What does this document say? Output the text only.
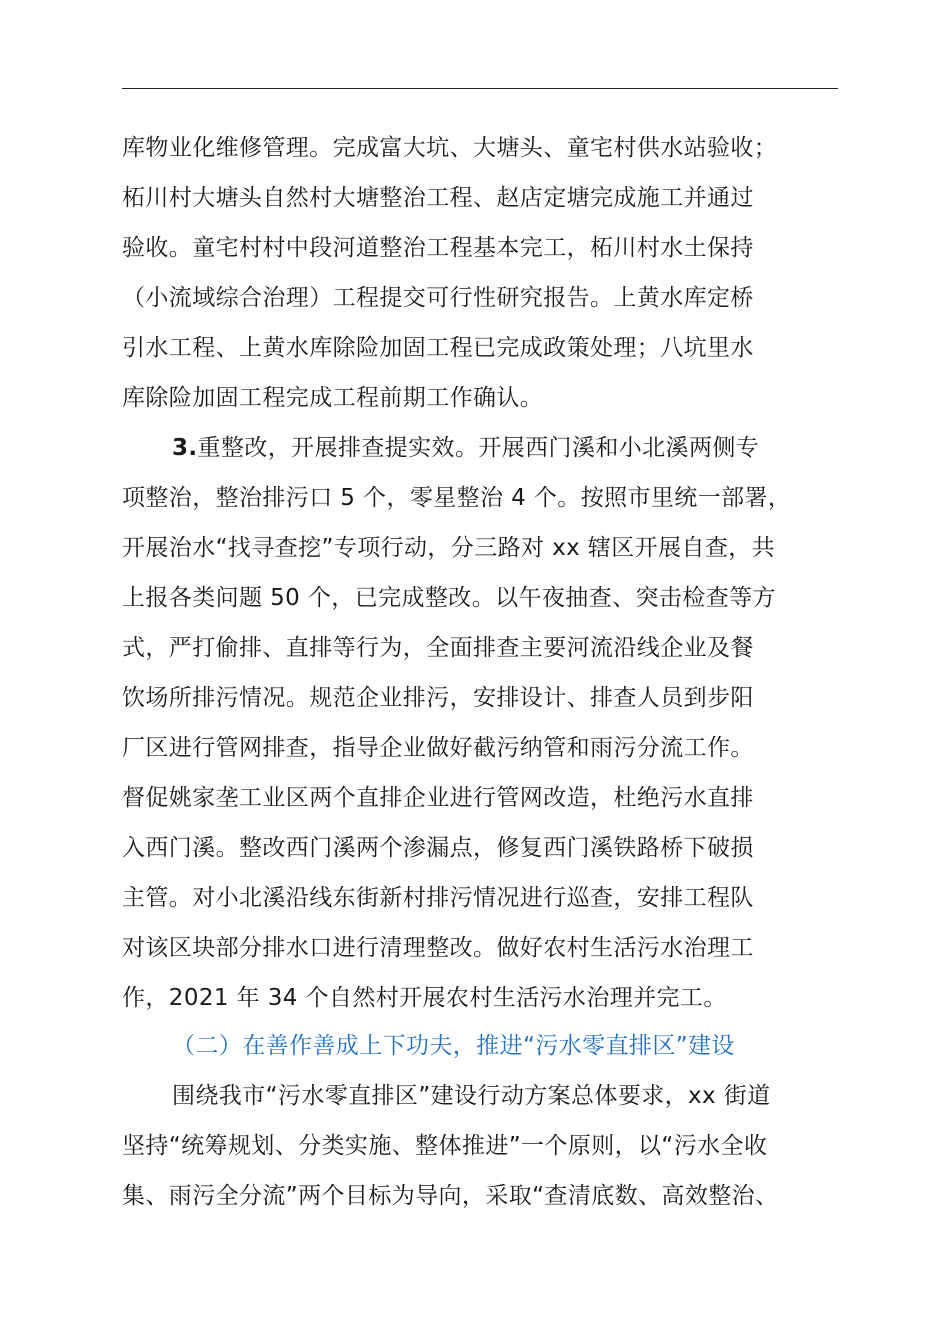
库物业化维修管理。完成富大坑、大塘头、童宅村供水站验收；
柘川村大塘头自然村大塘整治工程、赵店定塘完成施工并通过
验收。童宅村村中段河道整治工程基本完工，柘川村水土保持
（小流域综合治理）工程提交可行性研究报告。上黄水库定桥
引水工程、上黄水库除险加固工程已完成政策处理；八坑里水
库除险加固工程完成工程前期工作确认。
3.重整改，开展排查提实效。开展西门溪和小北溪两侧专
项整治，整治排污口 5 个，零星整治 4 个。按照市里统一部署，
开展治水“找寻查挖”专项行动，分三路对 xx 辖区开展自查，共
上报各类问题 50 个，已完成整改。以午夜抽查、突击检查等方
式，严打偷排、直排等行为，全面排查主要河流沿线企业及餐
饮场所排污情况。规范企业排污，安排设计、排查人员到步阳
厂区进行管网排查，指导企业做好截污纳管和雨污分流工作。
督促姚家垄工业区两个直排企业进行管网改造，杜绝污水直排
入西门溪。整改西门溪两个渗漏点，修复西门溪铁路桥下破损
主管。对小北溪沿线东街新村排污情况进行巡查，安排工程队
对该区块部分排水口进行清理整改。做好农村生活污水治理工
作，2021 年 34 个自然村开展农村生活污水治理并完工。
（二）在善作善成上下功夫，推进“污水零直排区”建设
围绕我市“污水零直排区”建设行动方案总体要求，xx 街道
坚持“统筹规划、分类实施、整体推进”一个原则，以“污水全收
集、雨污全分流”两个目标为导向，采取“查清底数、高效整治、
